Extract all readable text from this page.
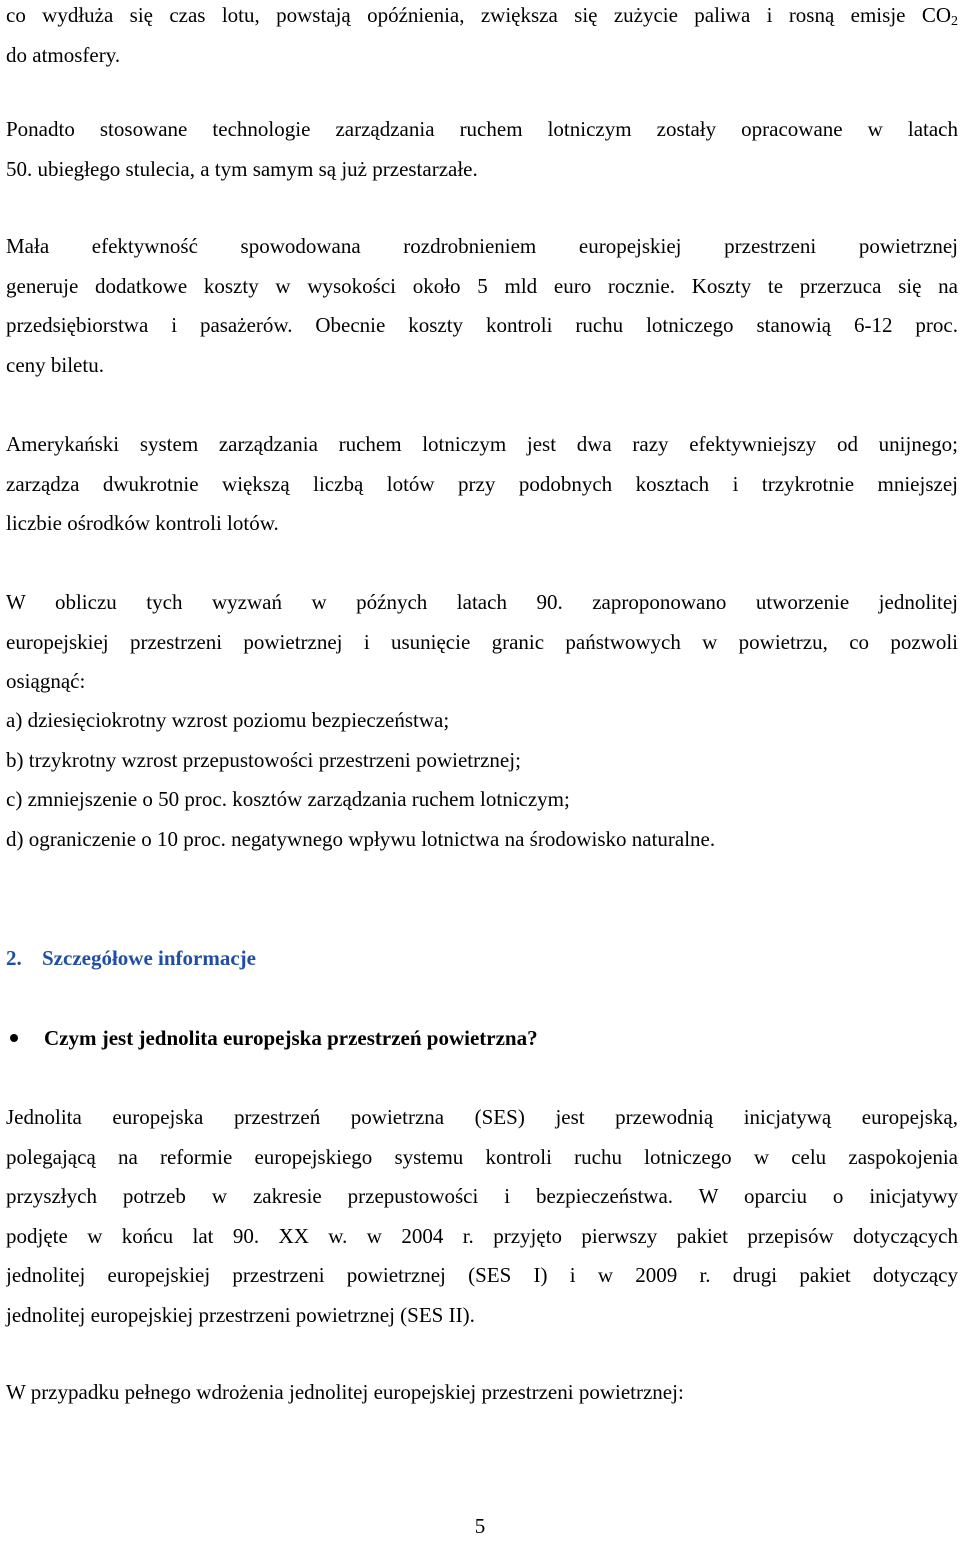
co wydłuża się czas lotu, powstają opóźnienia, zwiększa się zużycie paliwa i rosną emisje $CO_2$
do atmosfery.
Ponadto stosowane technologie zarządzania ruchem lotniczym zostały opracowane w latach
50. ubiegłego stulecia, a tym samym są już przestarzałe.
Mała efektywność spowodowana rozdrobnieniem europejskiej przestrzeni powietrznej
generuje dodatkowe koszty w wysokości około 5 mld euro rocznie. Koszty te przerzuca się na
przedsiębiorstwa i pasażerów. Obecnie koszty kontroli ruchu lotniczego stanowią 6-12 proc.
ceny biletu.
Amerykański system zarządzania ruchem lotniczym jest dwa razy efektywniejszy od unijnego;
zarządza dwukrotnie większą liczbą lotów przy podobnych kosztach i trzykrotnie mniejszej
liczbie ośrodków kontroli lotów.
W obliczu tych wyzwań w późnych latach 90. zaproponowano utworzenie jednolitej
europejskiej przestrzeni powietrznej i usunięcie granic państwowych w powietrzu, co pozwoli
osiągnąć:
a) dziesięciokrotny wzrost poziomu bezpieczeństwa;
b) trzykrotny wzrost przepustowości przestrzeni powietrznej;
c) zmniejszenie o 50 proc. kosztów zarządzania ruchem lotniczym;
d) ograniczenie o 10 proc. negatywnego wpływu lotnictwa na środowisko naturalne.
2. Szczegółowe informacje
Czym jest jednolita europejska przestrzeń powietrzna?
Jednolita europejska przestrzeń powietrzna (SES) jest przewodnią inicjatywą europejską,
polegającą na reformie europejskiego systemu kontroli ruchu lotniczego w celu zaspokojenia
przyszłych potrzeb w zakresie przepustowości i bezpieczeństwa. W oparciu o inicjatywy
podjęte w końcu lat 90. XX w. w 2004 r. przyjęto pierwszy pakiet przepisów dotyczących
jednolitej europejskiej przestrzeni powietrznej (SES I) i w 2009 r. drugi pakiet dotyczący
jednolitej europejskiej przestrzeni powietrznej (SES II).
W przypadku pełnego wdrożenia jednolitej europejskiej przestrzeni powietrznej:
5
